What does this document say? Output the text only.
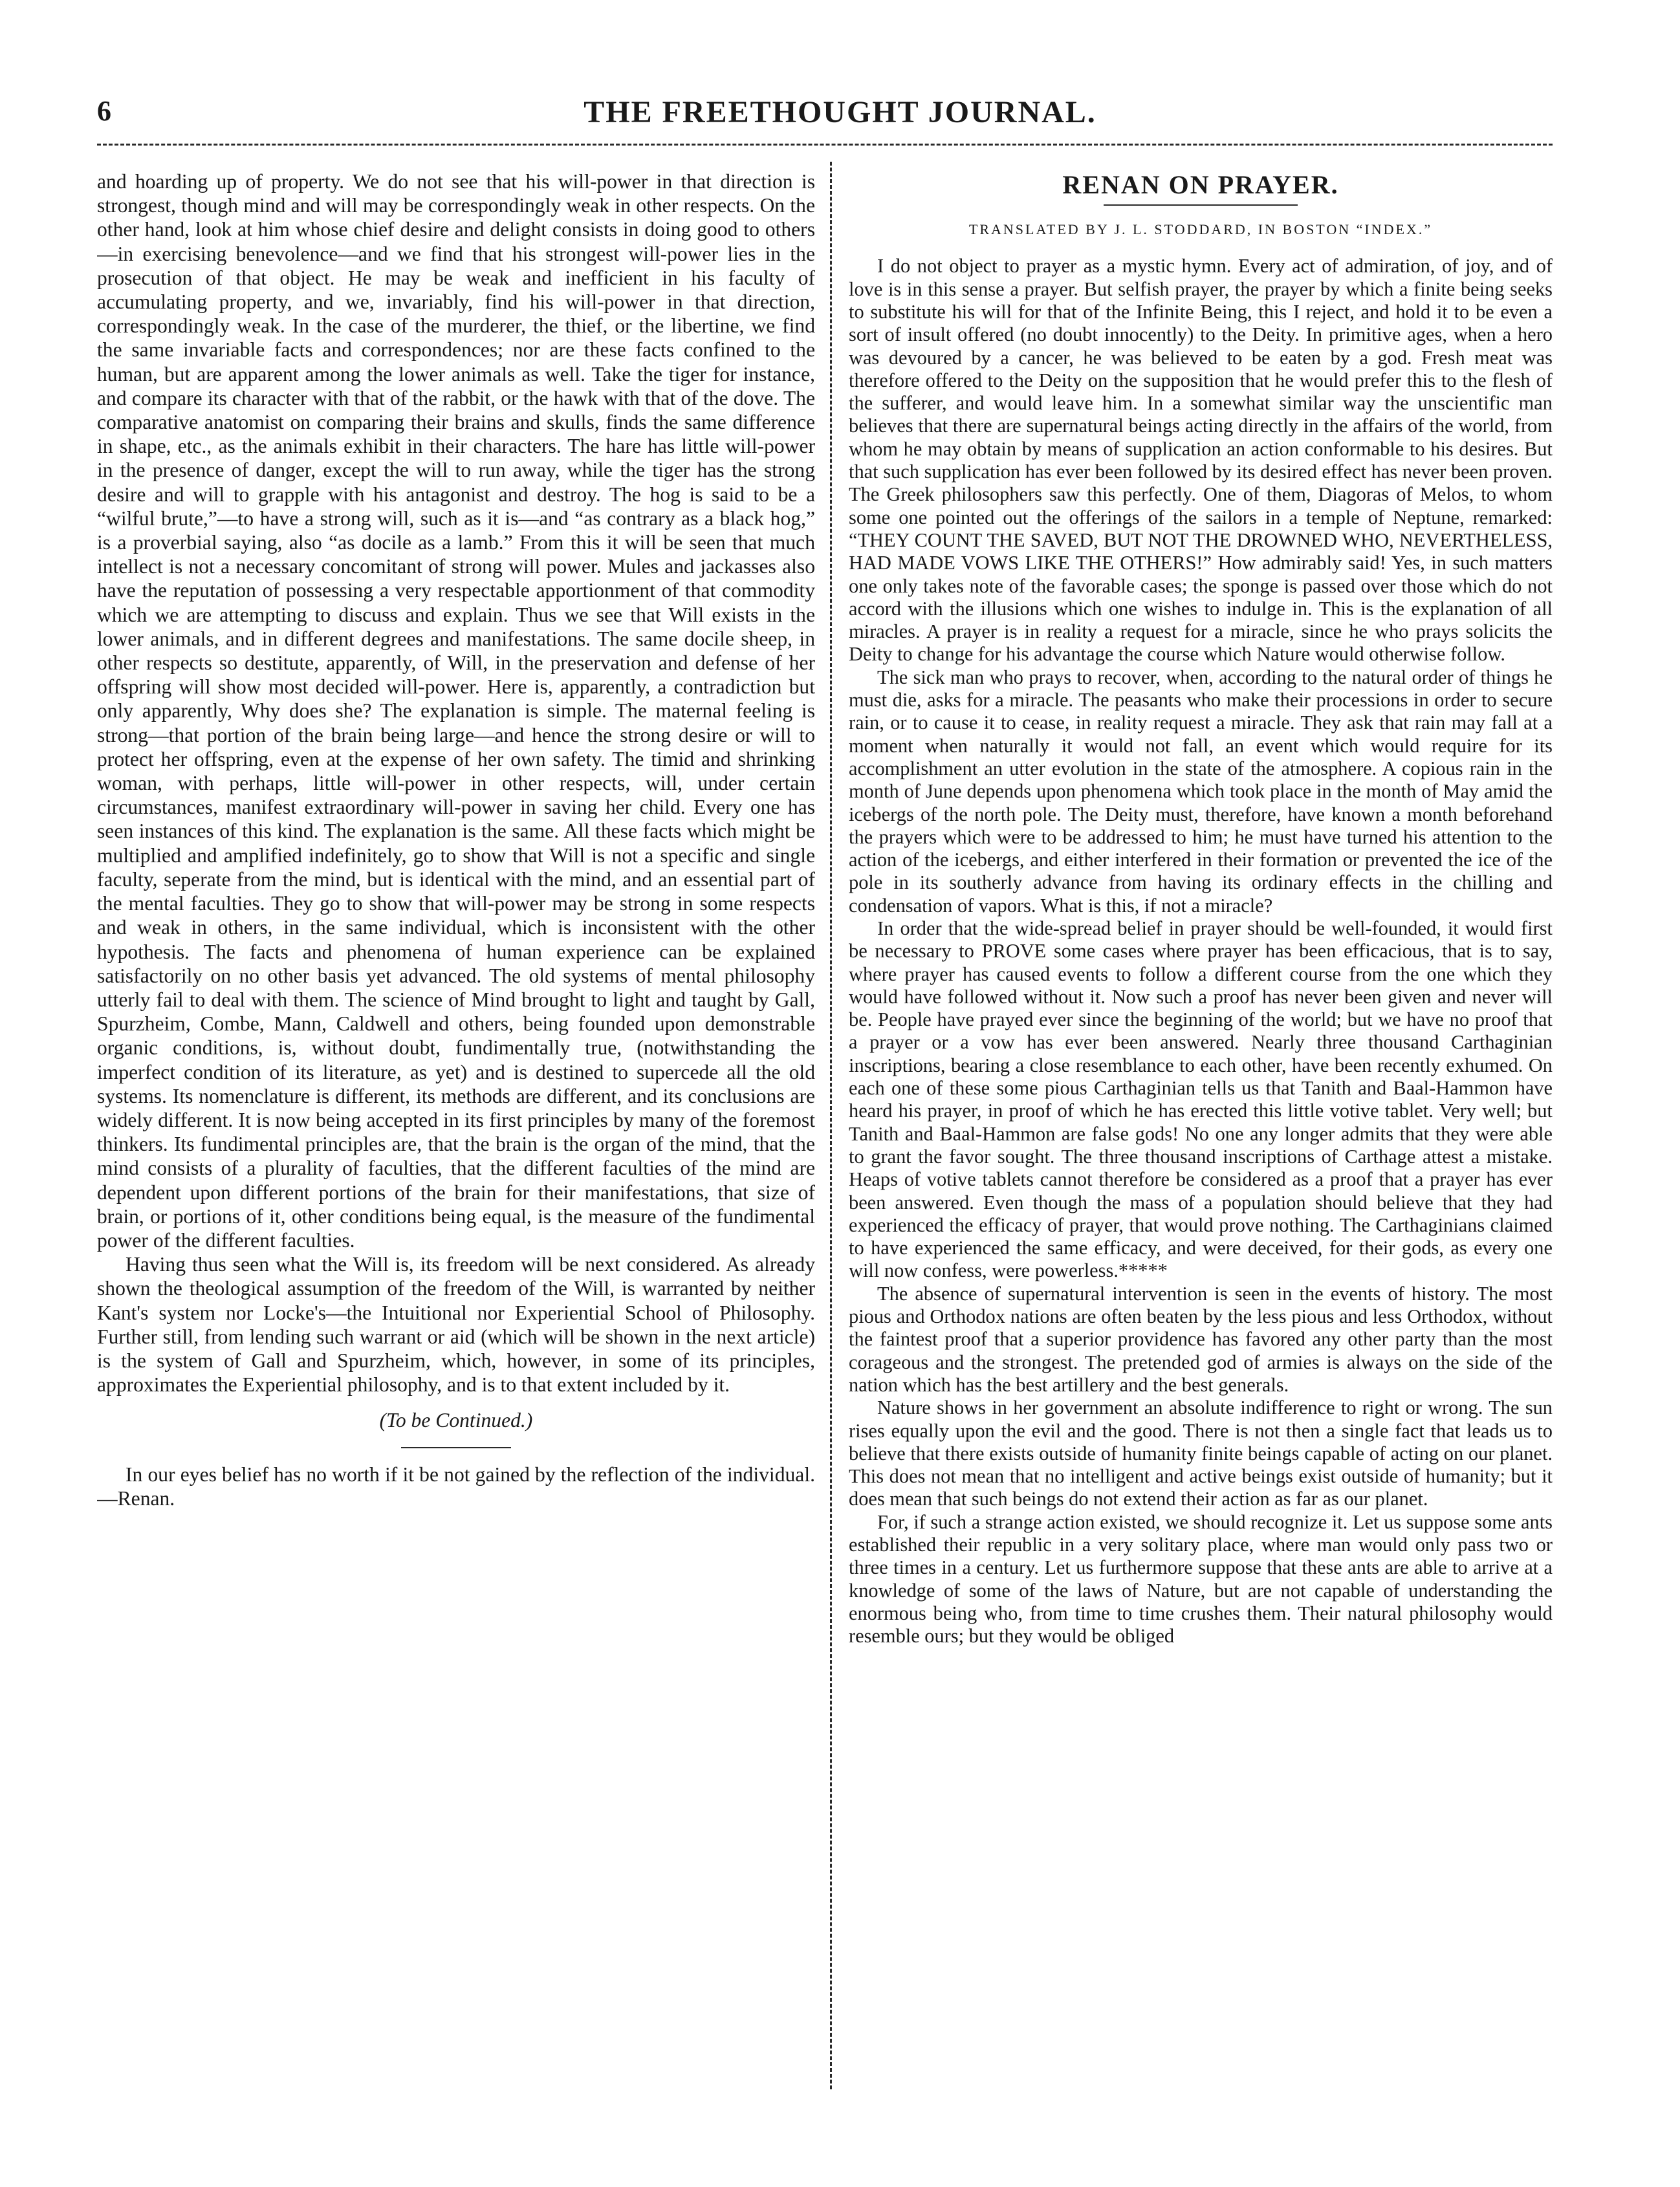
6	THE FREETHOUGHT JOURNAL.

and hoarding up of property. We do not see that his will-power in that direction is strongest, though mind and will may be correspondingly weak in other respects. On the other hand, look at him whose chief desire and delight consists in doing good to others—in exercising benevolence—and we find that his strongest will-power lies in the prosecution of that object. He may be weak and inefficient in his faculty of accumulating property, and we, invariably, find his will-power in that direction, correspondingly weak. In the case of the murderer, the thief, or the libertine, we find the same invariable facts and correspondences; nor are these facts confined to the human, but are apparent among the lower animals as well. Take the tiger for instance, and compare its character with that of the rabbit, or the hawk with that of the dove. The comparative anatomist on comparing their brains and skulls, finds the same difference in shape, etc., as the animals exhibit in their characters. The hare has little will-power in the presence of danger, except the will to run away, while the tiger has the strong desire and will to grapple with his antagonist and destroy. The hog is said to be a “wilful brute,”—to have a strong will, such as it is—and “as contrary as a black hog,” is a proverbial saying, also “as docile as a lamb.” From this it will be seen that much intellect is not a necessary concomitant of strong will power. Mules and jackasses also have the reputation of possessing a very respectable apportionment of that commodity which we are attempting to discuss and explain. Thus we see that Will exists in the lower animals, and in different degrees and manifestations. The same docile sheep, in other respects so destitute, apparently, of Will, in the preservation and defense of her offspring will show most decided will-power. Here is, apparently, a contradiction but only apparently, Why does she? The explanation is simple. The maternal feeling is strong—that portion of the brain being large—and hence the strong desire or will to protect her offspring, even at the expense of her own safety. The timid and shrinking woman, with perhaps, little will-power in other respects, will, under certain circumstances, manifest extraordinary will-power in saving her child. Every one has seen instances of this kind. The explanation is the same. All these facts which might be multiplied and amplified indefinitely, go to show that Will is not a specific and single faculty, seperate from the mind, but is identical with the mind, and an essential part of the mental faculties. They go to show that will-power may be strong in some respects and weak in others, in the same individual, which is inconsistent with the other hypothesis. The facts and phenomena of human experience can be explained satisfactorily on no other basis yet advanced. The old systems of mental philosophy utterly fail to deal with them. The science of Mind brought to light and taught by Gall, Spurzheim, Combe, Mann, Caldwell and others, being founded upon demonstrable organic conditions, is, without doubt, fundimentally true, (notwithstanding the imperfect condition of its literature, as yet) and is destined to supercede all the old systems. Its nomenclature is different, its methods are different, and its conclusions are widely different. It is now being accepted in its first principles by many of the foremost thinkers. Its fundimental principles are, that the brain is the organ of the mind, that the mind consists of a plurality of faculties, that the different faculties of the mind are dependent upon different portions of the brain for their manifestations, that size of brain, or portions of it, other conditions being equal, is the measure of the fundimental power of the different faculties.

Having thus seen what the Will is, its freedom will be next considered. As already shown the theological assumption of the freedom of the Will, is warranted by neither Kant's system nor Locke's—the Intuitional nor Experiential School of Philosophy. Further still, from lending such warrant or aid (which will be shown in the next article) is the system of Gall and Spurzheim, which, however, in some of its principles, approximates the Experiential philosophy, and is to that extent included by it.

(To be Continued.)

In our eyes belief has no worth if it be not gained by the reflection of the individual.—Renan.

RENAN ON PRAYER.
TRANSLATED BY J. L. STODDARD, IN BOSTON “INDEX.”

I do not object to prayer as a mystic hymn. Every act of admiration, of joy, and of love is in this sense a prayer. But selfish prayer, the prayer by which a finite being seeks to substitute his will for that of the Infinite Being, this I reject, and hold it to be even a sort of insult offered (no doubt innocently) to the Deity. In primitive ages, when a hero was devoured by a cancer, he was believed to be eaten by a god. Fresh meat was therefore offered to the Deity on the supposition that he would prefer this to the flesh of the sufferer, and would leave him. In a somewhat similar way the unscientific man believes that there are supernatural beings acting directly in the affairs of the world, from whom he may obtain by means of supplication an action conformable to his desires. But that such supplication has ever been followed by its desired effect has never been proven. The Greek philosophers saw this perfectly. One of them, Diagoras of Melos, to whom some one pointed out the offerings of the sailors in a temple of Neptune, remarked: “THEY COUNT THE SAVED, BUT NOT THE DROWNED WHO, NEVERTHELESS, HAD MADE VOWS LIKE THE OTHERS!” How admirably said! Yes, in such matters one only takes note of the favorable cases; the sponge is passed over those which do not accord with the illusions which one wishes to indulge in. This is the explanation of all miracles. A prayer is in reality a request for a miracle, since he who prays solicits the Deity to change for his advantage the course which Nature would otherwise follow.

The sick man who prays to recover, when, according to the natural order of things he must die, asks for a miracle. The peasants who make their processions in order to secure rain, or to cause it to cease, in reality request a miracle. They ask that rain may fall at a moment when naturally it would not fall, an event which would require for its accomplishment an utter evolution in the state of the atmosphere. A copious rain in the month of June depends upon phenomena which took place in the month of May amid the icebergs of the north pole. The Deity must, therefore, have known a month beforehand the prayers which were to be addressed to him; he must have turned his attention to the action of the icebergs, and either interfered in their formation or prevented the ice of the pole in its southerly advance from having its ordinary effects in the chilling and condensation of vapors. What is this, if not a miracle?

In order that the wide-spread belief in prayer should be well-founded, it would first be necessary to PROVE some cases where prayer has been efficacious, that is to say, where prayer has caused events to follow a different course from the one which they would have followed without it. Now such a proof has never been given and never will be. People have prayed ever since the beginning of the world; but we have no proof that a prayer or a vow has ever been answered. Nearly three thousand Carthaginian inscriptions, bearing a close resemblance to each other, have been recently exhumed. On each one of these some pious Carthaginian tells us that Tanith and Baal-Hammon have heard his prayer, in proof of which he has erected this little votive tablet. Very well; but Tanith and Baal-Hammon are false gods! No one any longer admits that they were able to grant the favor sought. The three thousand inscriptions of Carthage attest a mistake. Heaps of votive tablets cannot therefore be considered as a proof that a prayer has ever been answered. Even though the mass of a population should believe that they had experienced the efficacy of prayer, that would prove nothing. The Carthaginians claimed to have experienced the same efficacy, and were deceived, for their gods, as every one will now confess, were powerless.*****

The absence of supernatural intervention is seen in the events of history. The most pious and Orthodox nations are often beaten by the less pious and less Orthodox, without the faintest proof that a superior providence has favored any other party than the most corageous and the strongest. The pretended god of armies is always on the side of the nation which has the best artillery and the best generals.

Nature shows in her government an absolute indifference to right or wrong. The sun rises equally upon the evil and the good. There is not then a single fact that leads us to believe that there exists outside of humanity finite beings capable of acting on our planet. This does not mean that no intelligent and active beings exist outside of humanity; but it does mean that such beings do not extend their action as far as our planet.

For, if such a strange action existed, we should recognize it. Let us suppose some ants established their republic in a very solitary place, where man would only pass two or three times in a century. Let us furthermore suppose that these ants are able to arrive at a knowledge of some of the laws of Nature, but are not capable of understanding the enormous being who, from time to time crushes them. Their natural philosophy would resemble ours; but they would be obliged
